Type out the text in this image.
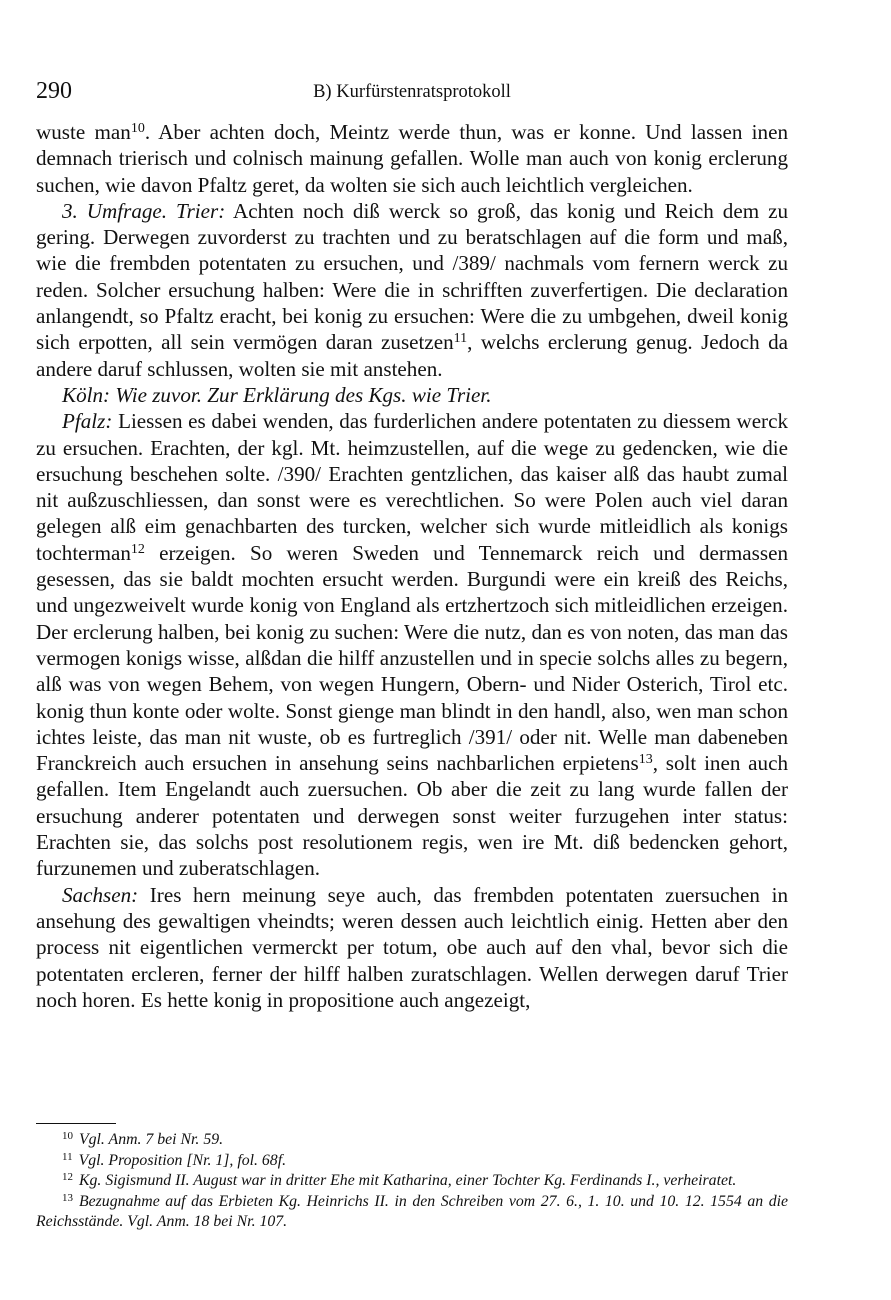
290	B) Kurfürstenratsprotokoll

wuste man$^{10}$. Aber achten doch, Meintz werde thun, was er konne. Und lassen inen demnach trierisch und colnisch mainung gefallen. Wolle man auch von konig erclerung suchen, wie davon Pfaltz geret, da wolten sie sich auch leichtlich vergleichen.

3. Umfrage. Trier: Achten noch diß werck so groß, das konig und Reich dem zu gering. Derwegen zuvorderst zu trachten und zu beratschlagen auf die form und maß, wie die frembden potentaten zu ersuchen, und /389/ nachmals vom fernern werck zu reden. Solcher ersuchung halben: Were die in schrifften zuverfertigen. Die declaration anlangendt, so Pfaltz eracht, bei konig zu ersuchen: Were die zu umbgehen, dweil konig sich erpotten, all sein vermögen daran zusetzen$^{11}$, welchs erclerung genug. Jedoch da andere daruf schlussen, wolten sie mit anstehen.

Köln: Wie zuvor. Zur Erklärung des Kgs. wie Trier.

Pfalz: Liessen es dabei wenden, das furderlichen andere potentaten zu diessem werck zu ersuchen. Erachten, der kgl. Mt. heimzustellen, auf die wege zu gedencken, wie die ersuchung beschehen solte. /390/ Erachten gentzlichen, das kaiser alß das haubt zumal nit außzuschliessen, dan sonst were es verechtlichen. So were Polen auch viel daran gelegen alß eim genachbarten des turcken, welcher sich wurde mitleidlich als konigs tochterman$^{12}$ erzeigen. So weren Sweden und Tennemarck reich und dermassen gesessen, das sie baldt mochten ersucht werden. Burgundi were ein kreiß des Reichs, und ungezweivelt wurde konig von England als ertzhertzoch sich mitleidlichen erzeigen. Der erclerung halben, bei konig zu suchen: Were die nutz, dan es von noten, das man das vermogen konigs wisse, alßdan die hilff anzustellen und in specie solchs alles zu begern, alß was von wegen Behem, von wegen Hungern, Obern- und Nider Osterich, Tirol etc. konig thun konte oder wolte. Sonst gienge man blindt in den handl, also, wen man schon ichtes leiste, das man nit wuste, ob es furtreglich /391/ oder nit. Welle man dabeneben Franckreich auch ersuchen in ansehung seins nachbarlichen erpietens$^{13}$, solt inen auch gefallen. Item Engelandt auch zuersuchen. Ob aber die zeit zu lang wurde fallen der ersuchung anderer potentaten und derwegen sonst weiter furzugehen inter status: Erachten sie, das solchs post resolutionem regis, wen ire Mt. diß bedencken gehort, furzunemen und zuberatschlagen.

Sachsen: Ires hern meinung seye auch, das frembden potentaten zuersuchen in ansehung des gewaltigen vheindts; weren dessen auch leichtlich einig. Hetten aber den process nit eigentlichen vermerckt per totum, obe auch auf den vhal, bevor sich die potentaten ercleren, ferner der hilff halben zuratschlagen. Wellen derwegen daruf Trier noch horen. Es hette konig in propositione auch angezeigt,

$^{10}$ Vgl. Anm. 7 bei Nr. 59.

$^{11}$ Vgl. Proposition [Nr. 1], fol. 68f.

$^{12}$ Kg. Sigismund II. August war in dritter Ehe mit Katharina, einer Tochter Kg. Ferdinands I., verheiratet.

$^{13}$ Bezugnahme auf das Erbieten Kg. Heinrichs II. in den Schreiben vom 27. 6., 1. 10. und 10. 12. 1554 an die Reichsstände. Vgl. Anm. 18 bei Nr. 107.
